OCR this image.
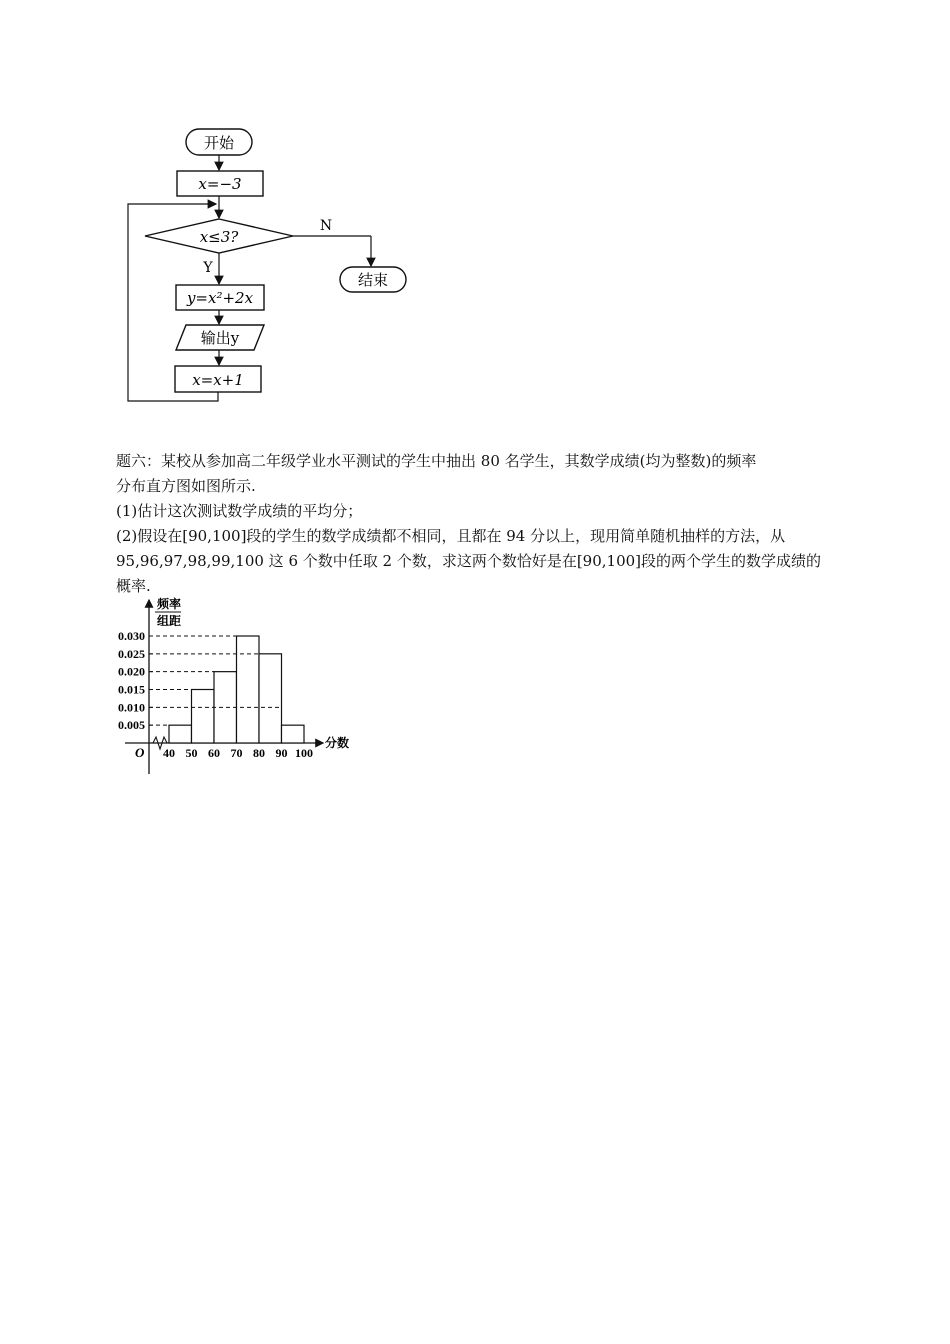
开始
x=−3
x≤3?
N
结束
Y
y=x²+2x
输出y
x=x+1

题六：某校从参加高二年级学业水平测试的学生中抽出 80 名学生，其数学成绩(均为整数)的频率

分布直方图如图所示.

(1)估计这次测试数学成绩的平均分；

(2)假设在[90,100]段的学生的数学成绩都不相同，且都在 94 分以上，现用简单随机抽样的方法，从

95,96,97,98,99,100 这 6 个数中任取 2 个数，求这两个数恰好是在[90,100]段的两个学生的数学成绩的

概率.

频率
组距
分数
O
0.030
0.025
0.020
0.015
0.010
0.005
40 50 60 70 80 90 100
